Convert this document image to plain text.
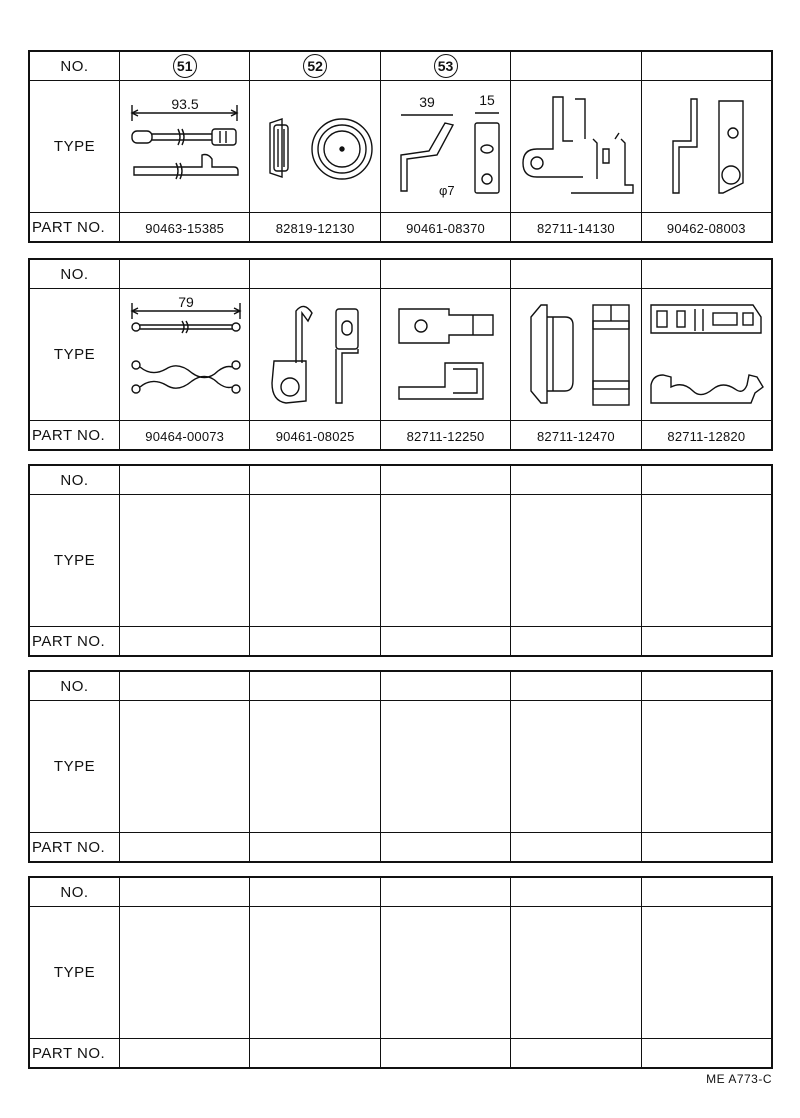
NO.	51	52	53
TYPE
93.5	39	15
φ7
PART NO.	90463-15385	82819-12130	90461-08370	82711-14130	90462-08003
NO.
TYPE
79
PART NO.	90464-00073	90461-08025	82711-12250	82711-12470	82711-12820
NO.
TYPE
PART NO.
NO.
TYPE
PART NO.
NO.
TYPE
PART NO.
ME A773-C
